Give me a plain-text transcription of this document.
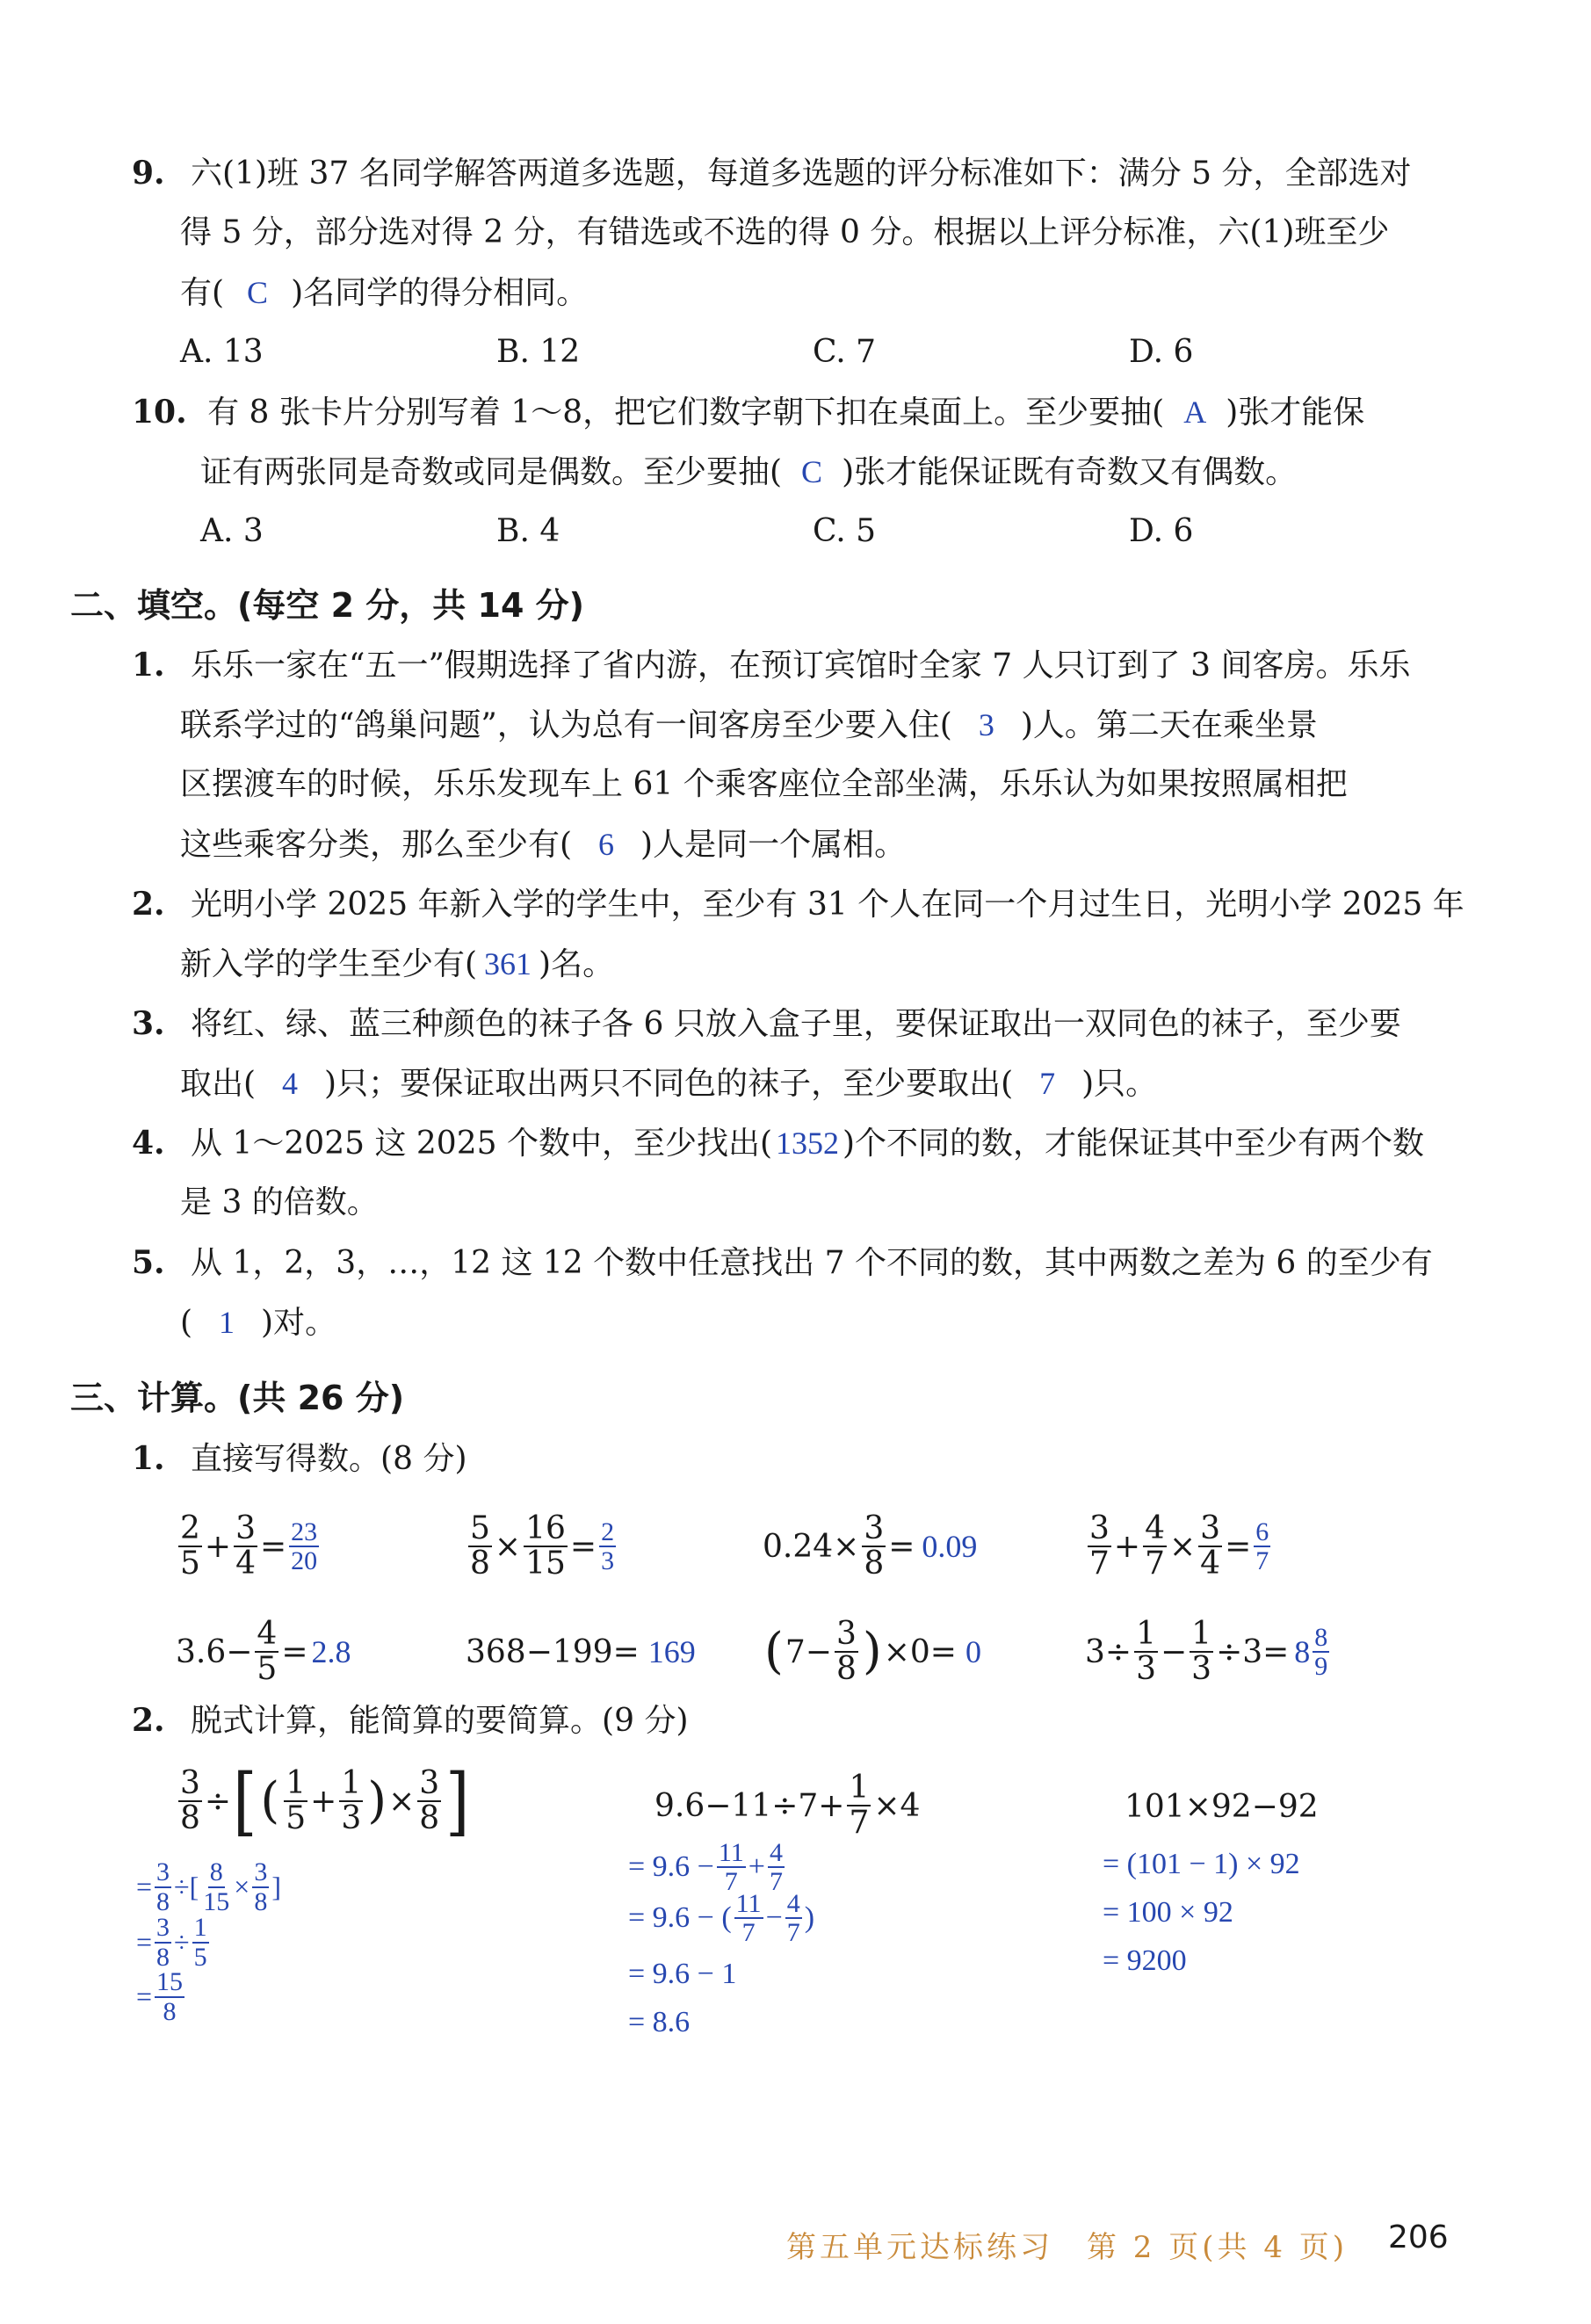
9. 六(1)班 37 名同学解答两道多选题，每道多选题的评分标准如下：满分 5 分，全部选对
得 5 分，部分选对得 2 分，有错选或不选的得 0 分。根据以上评分标准，六(1)班至少
有( C )名同学的得分相同。
A. 13	B. 12	C. 7	D. 6
10. 有 8 张卡片分别写着 1～8，把它们数字朝下扣在桌面上。至少要抽( A )张才能保
证有两张同是奇数或同是偶数。至少要抽( C )张才能保证既有奇数又有偶数。
A. 3	B. 4	C. 5	D. 6
二、填空。(每空 2 分，共 14 分)
1. 乐乐一家在“五一”假期选择了省内游，在预订宾馆时全家 7 人只订到了 3 间客房。乐乐
联系学过的“鸽巢问题”，认为总有一间客房至少要入住( 3 )人。第二天在乘坐景
区摆渡车的时候，乐乐发现车上 61 个乘客座位全部坐满，乐乐认为如果按照属相把
这些乘客分类，那么至少有( 6 )人是同一个属相。
2. 光明小学 2025 年新入学的学生中，至少有 31 个人在同一个月过生日，光明小学 2025 年
新入学的学生至少有( 361 )名。
3. 将红、绿、蓝三种颜色的袜子各 6 只放入盒子里，要保证取出一双同色的袜子，至少要
取出( 4 )只；要保证取出两只不同色的袜子，至少要取出( 7 )只。
4. 从 1～2025 这 2025 个数中，至少找出( 1352 )个不同的数，才能保证其中至少有两个数
是 3 的倍数。
5. 从 1，2，3，…，12 这 12 个数中任意找出 7 个不同的数，其中两数之差为 6 的至少有
( 1 )对。
三、计算。(共 26 分)
1. 直接写得数。(8 分)
$\frac{2}{5} + \frac{3}{4} = \frac{23}{20}$	$\frac{5}{8} \times \frac{16}{15} = \frac{2}{3}$	$0.24\times \frac{3}{8} = 0.09$	$\frac{3}{7} + \frac{4}{7} \times \frac{3}{4} = \frac{6}{7}$
$3.6- \frac{4}{5} = 2.8$	368−199= 169 ( $7- \frac{3}{8}$ ) ×0= 0	$3\div \frac{1}{3} - \frac{1}{3} \div 3= 8 \frac{8}{9}$
2. 脱式计算，能简算的要简算。(9 分)
$\frac{3}{8}$ ÷ [ ( $\frac{1}{5} + \frac{1}{3}$ ) × $\frac{3}{8}$ ]
= $\frac{3}{8}$ ÷ [ $\frac{8}{15} \times \frac{3}{8}$ ]
= $\frac{3}{8} \div \frac{1}{5}$
= $\frac{15}{8}$
$9.6-11\div 7+ \frac{1}{7} \times 4$
= $9.6 - \frac{11}{7} + \frac{4}{7}$
= 9.6 − ( $\frac{11}{7} - \frac{4}{7}$ )
= 9.6 − 1
= 8.6
101×92−92
= (101 − 1) × 92
= 100 × 92
= 9200
第五单元达标练习　第 2 页(共 4 页) 206
